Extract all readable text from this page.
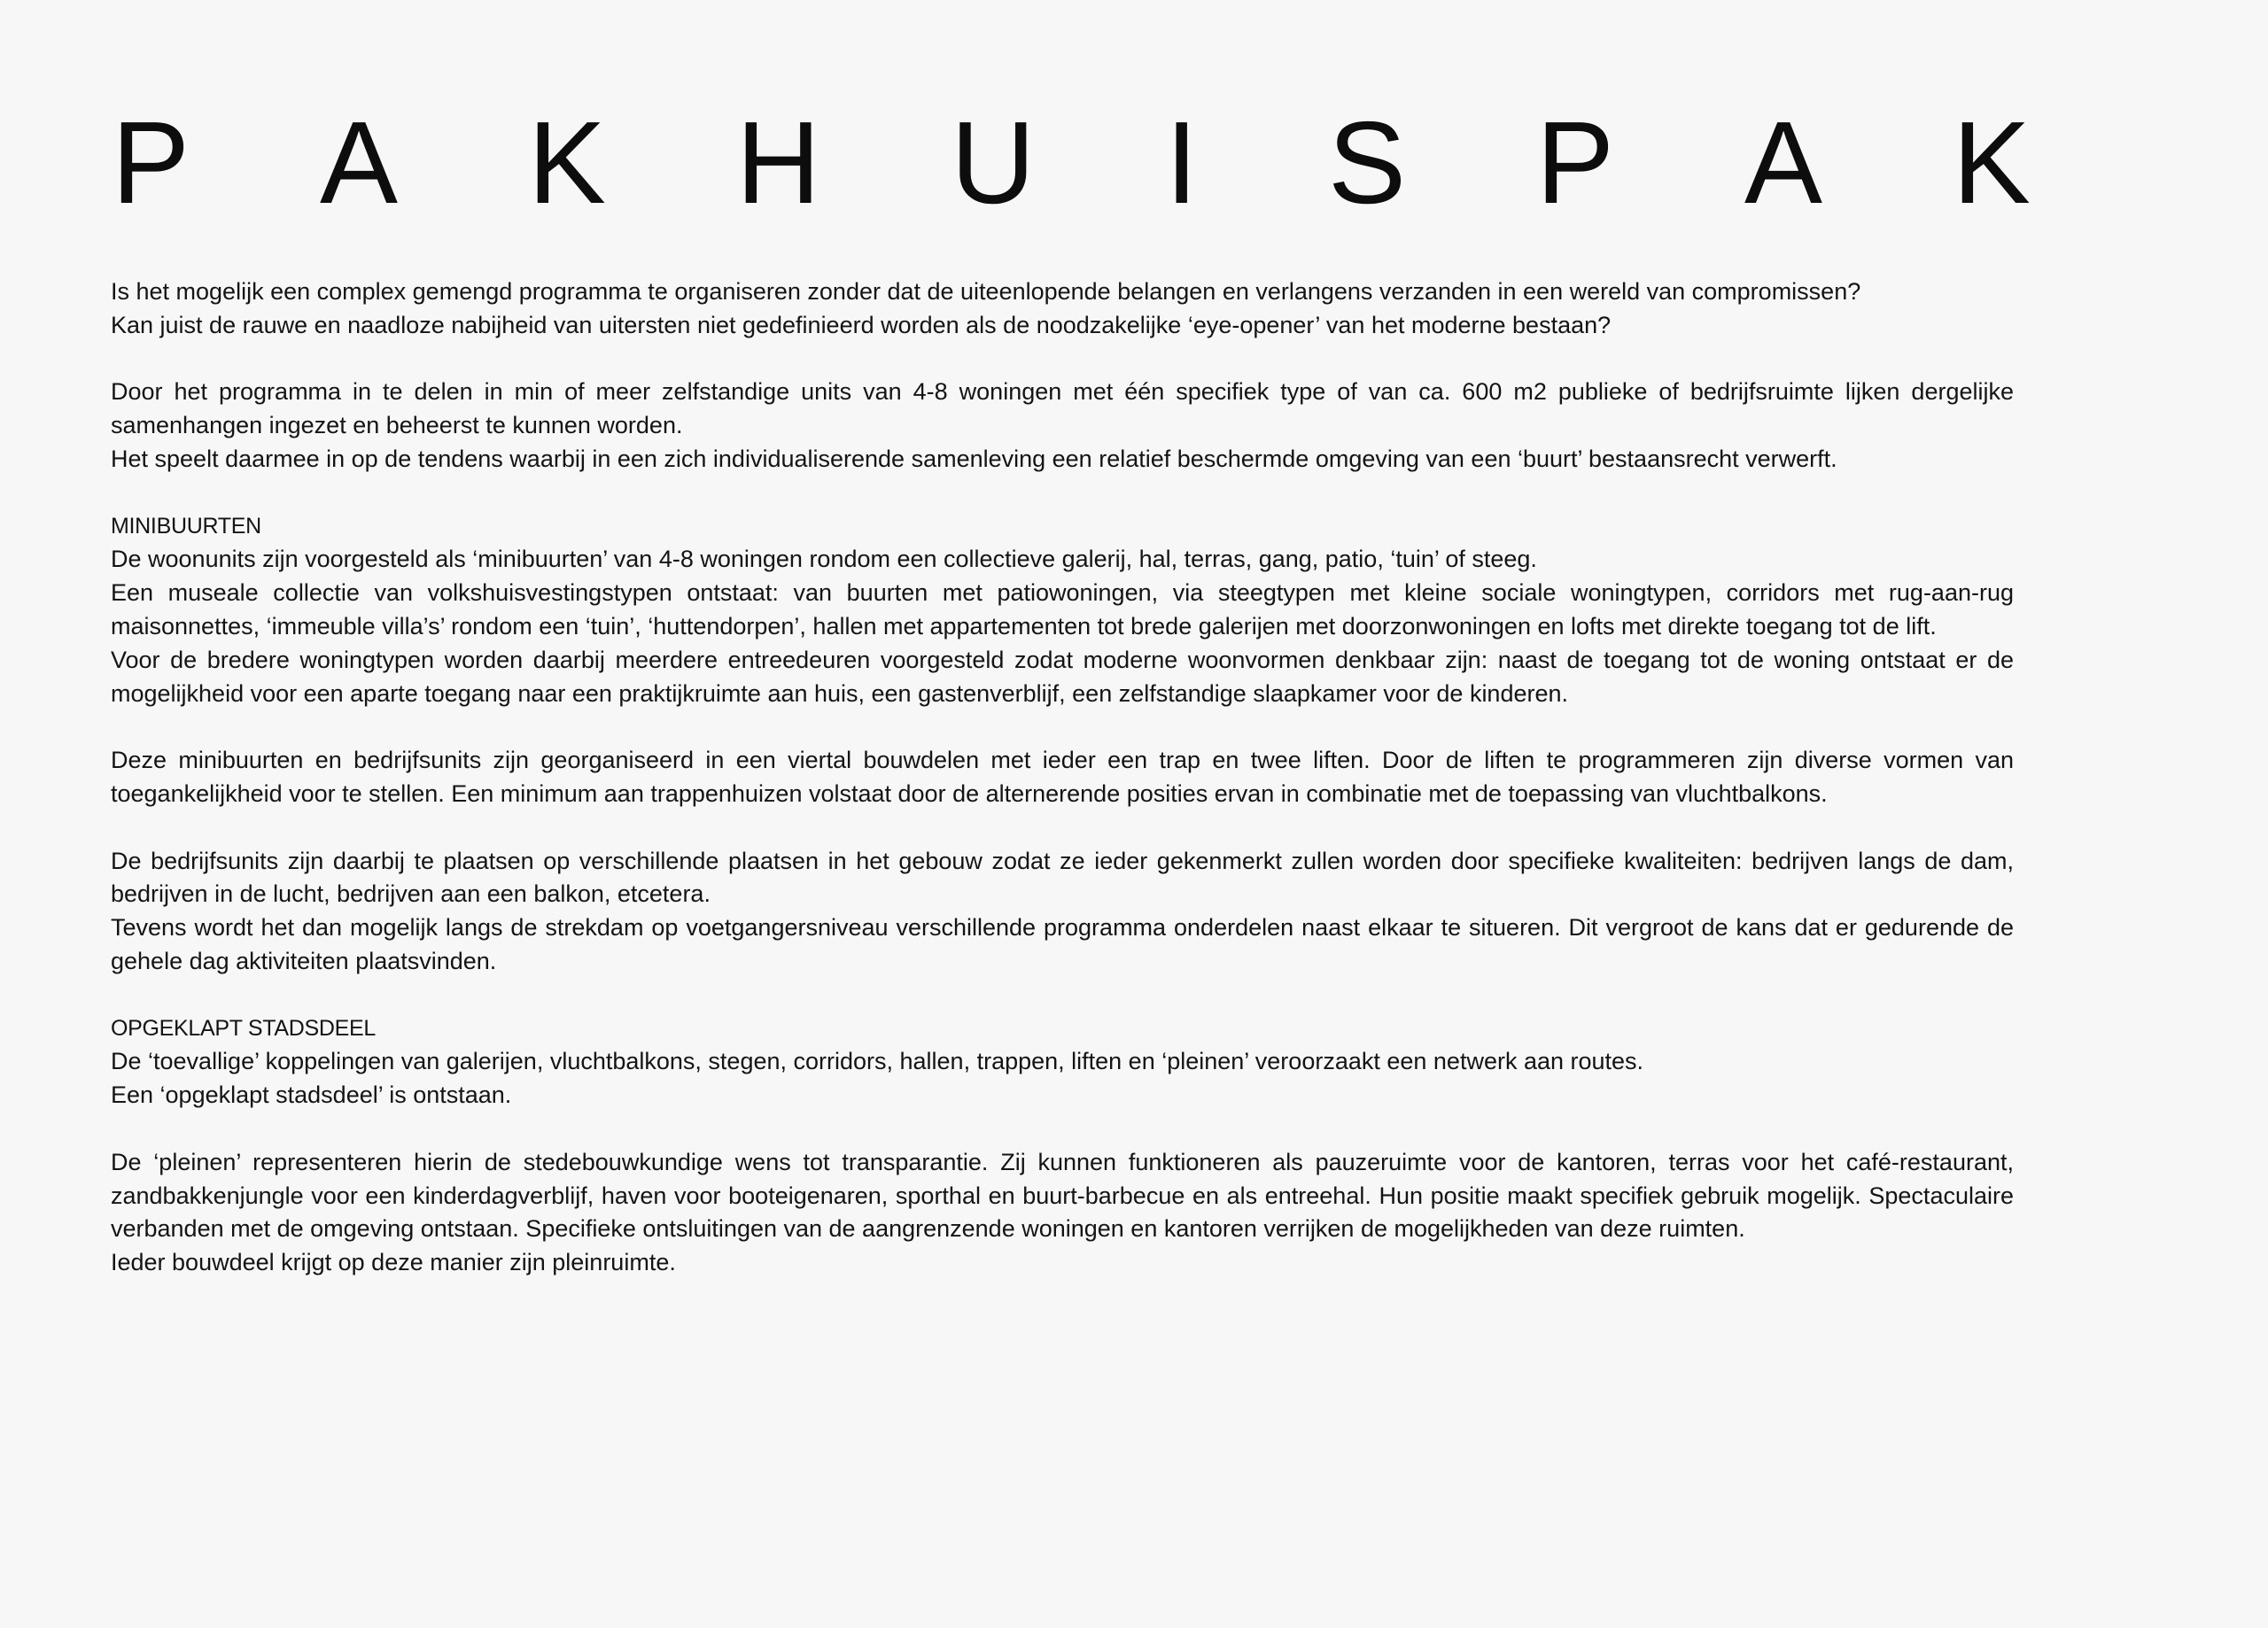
P A K H U I S P A K
Is het mogelijk een complex gemengd programma te organiseren zonder dat de uiteenlopende belangen en verlangens verzanden in een wereld van compromissen?
Kan juist de rauwe en naadloze nabijheid van uitersten niet gedefinieerd worden als de noodzakelijke ‘eye-opener’ van het moderne bestaan?
Door het programma in te delen in min of meer zelfstandige units van 4-8 woningen met één specifiek type of van ca. 600 m2 publieke of bedrijfsruimte lijken dergelijke samenhangen ingezet en beheerst te kunnen worden.
Het speelt daarmee in op de tendens waarbij in een zich individualiserende samenleving een relatief beschermde omgeving van een ‘buurt’ bestaansrecht verwerft.
MINIBUURTEN
De woonunits zijn voorgesteld als ‘minibuurten’ van 4-8 woningen rondom een collectieve galerij, hal, terras, gang, patio, ‘tuin’ of steeg.
Een museale collectie van volkshuisvestingstypen ontstaat: van buurten met patiowoningen, via steegtypen met kleine sociale woningtypen, corridors met rug-aan-rug maisonnettes, ‘immeuble villa’s’ rondom een ‘tuin’, ‘huttendorpen’, hallen met appartementen tot brede galerijen met doorzonwoningen en lofts met direkte toegang tot de lift.
Voor de bredere woningtypen worden daarbij meerdere entreedeuren voorgesteld zodat moderne woonvormen denkbaar zijn: naast de toegang tot de woning ontstaat er de mogelijkheid voor een aparte toegang naar een praktijkruimte aan huis, een gastenverblijf, een zelfstandige slaapkamer voor de kinderen.
Deze minibuurten en bedrijfsunits zijn georganiseerd in een viertal bouwdelen met ieder een trap en twee liften. Door de liften te programmeren zijn diverse vormen van toegankelijkheid voor te stellen. Een minimum aan trappenhuizen volstaat door de alternerende posities ervan in combinatie met de toepassing van vluchtbalkons.
De bedrijfsunits zijn daarbij te plaatsen op verschillende plaatsen in het gebouw zodat ze ieder gekenmerkt zullen worden door specifieke kwaliteiten: bedrijven langs de dam, bedrijven in de lucht, bedrijven aan een balkon, etcetera.
Tevens wordt het dan mogelijk langs de strekdam op voetgangersniveau verschillende programma onderdelen naast elkaar te situeren. Dit vergroot de kans dat er gedurende de gehele dag aktiviteiten plaatsvinden.
OPGEKLAPT STADSDEEL
De ‘toevallige’ koppelingen van galerijen, vluchtbalkons, stegen, corridors, hallen, trappen, liften en ‘pleinen’ veroorzaakt een netwerk aan routes.
Een ‘opgeklapt stadsdeel’ is ontstaan.
De ‘pleinen’ representeren hierin de stedebouwkundige wens tot transparantie. Zij kunnen funktioneren als pauzeruimte voor de kantoren, terras voor het café-restaurant, zandbakkenjungle voor een kinderdagverblijf, haven voor booteigenaren, sporthal en buurt-barbecue en als entreehal. Hun positie maakt specifiek gebruik mogelijk. Spectaculaire verbanden met de omgeving ontstaan. Specifieke ontsluitingen van de aangrenzende woningen en kantoren verrijken de mogelijkheden van deze ruimten.
Ieder bouwdeel krijgt op deze manier zijn pleinruimte.
